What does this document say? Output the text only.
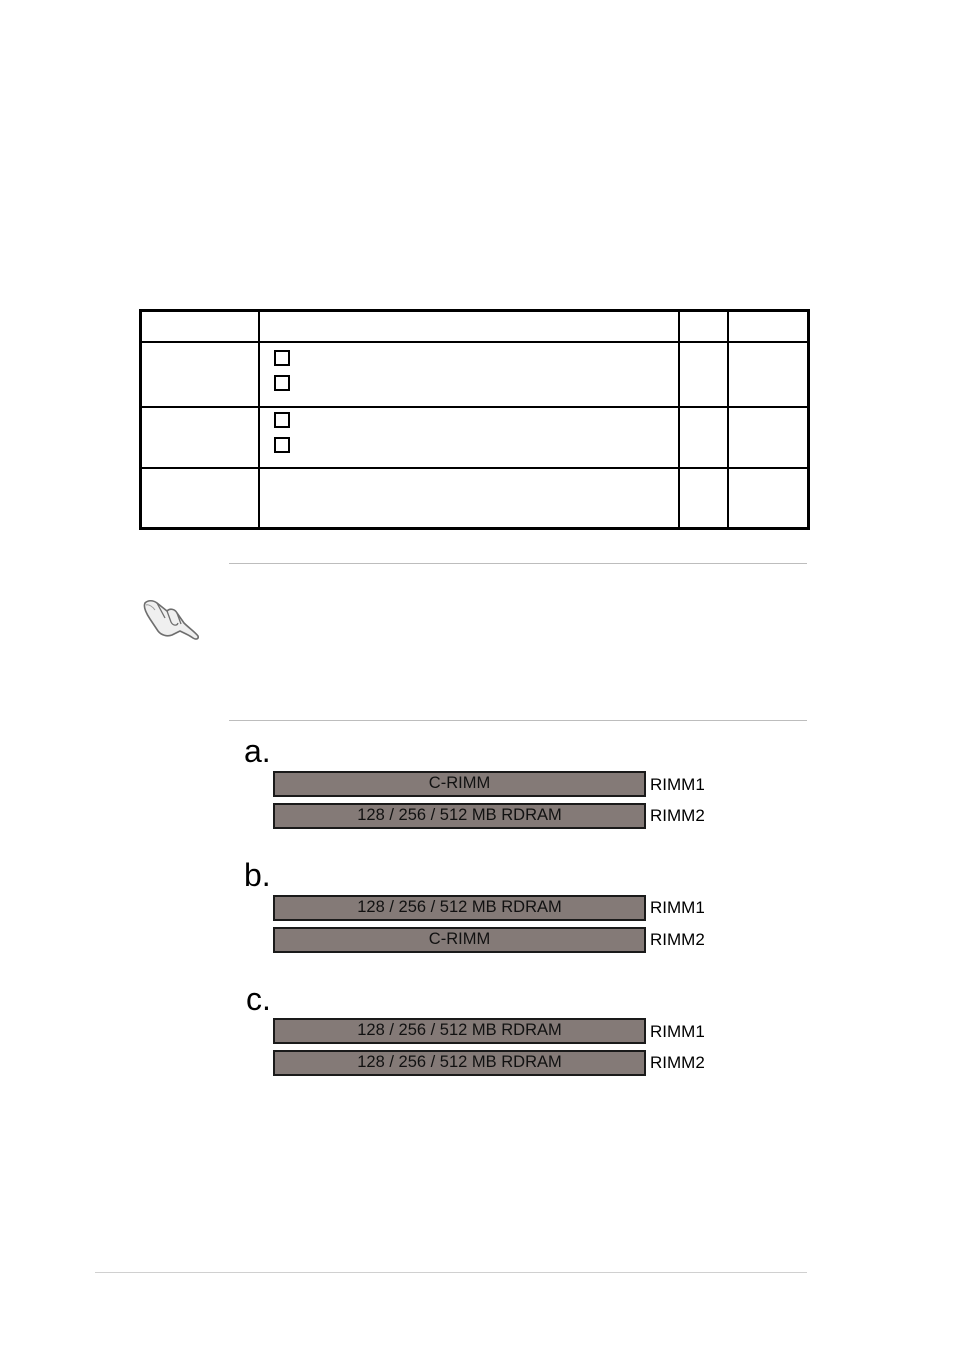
a.
C-RIMM	RIMM1
128 / 256 / 512 MB RDRAM	RIMM2
b.
128 / 256 / 512 MB RDRAM	RIMM1
C-RIMM	RIMM2
c.
128 / 256 / 512 MB RDRAM	RIMM1
128 / 256 / 512 MB RDRAM	RIMM2
